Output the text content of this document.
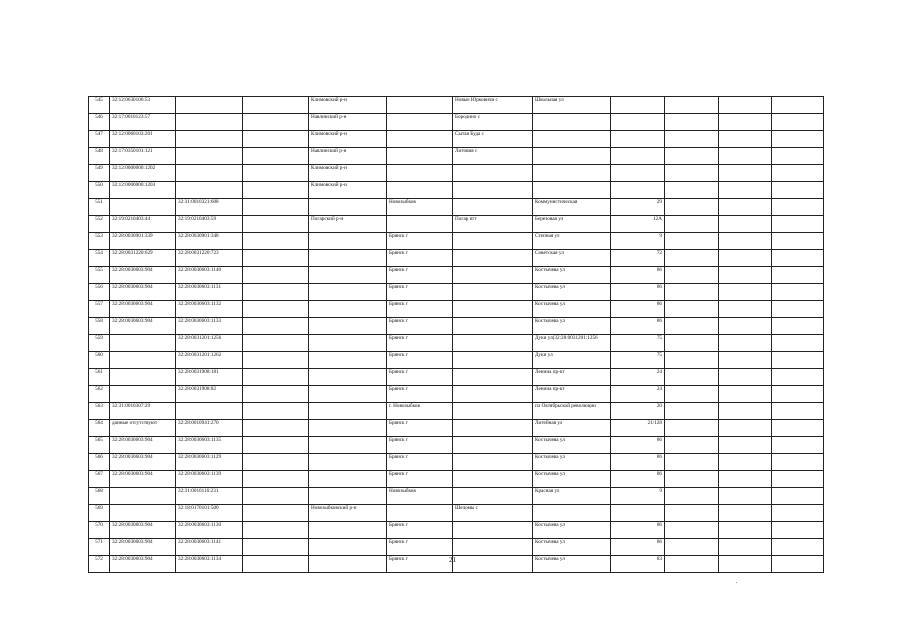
545	32:12:0630106:53			Климовский р-н		Новые Юрковичи с	Школьная ул				
546	32:17:0010123:57			Навлинский р-н		Бородино с					
547	32:12:0060103:201			Климовский р-н		Сытая Буда с					
548	32:17:0350101:121			Навлинский р-н		Литовня с					
549	32:12:0000000:1202			Климовский р-н							
550	32:12:0000000:1203			Климовский р-н							
551		32:31:0010321:608			Новозыбков		Коммунистическая	29			
552	32:19:0210403:44	32:19:0210403:59		Погарский р-н		Погар пгт	Березовая ул	12А			
553	32:28:0030901:339	32:28:0030901:348			Брянск г		Степная ул	9			
554	32:28:0031220:629	32:28:0031220:723			Брянск г		Советская ул	72			
555	32:28:0030603:904	32:28:0030603:1140			Брянск г		Костычева ул	86			
556	32:28:0030603:904	32:28:0030603:1131			Брянск г		Костычева ул	86			
557	32:28:0030603:904	32:28:0030603:1132			Брянск г		Костычева ул	86			
558	32:28:0030603:904	32:28:0030603:1133			Брянск г		Костычева ул	86			
559		32:28:0031201:1256			Брянск г		Дуки ул(32:28:0031201:1256	75			
560		32:28:0031201:1262			Брянск г		Дуки ул	75			
561		32:28:0031908:181			Брянск г		Ленина пр-кт	24			
562		32:28:0031908:82			Брянск г		Ленина пр-кт	24			
563	32:31:0010307:29				г. Новозыбков		пл Октябрьской революции	20			
564	данные отсутствуют	32:28:0010941:270			Брянск г		Литейная ул	21/128			
565	32:28:0030603:904	32:28:0030603:1135			Брянск г		Костычева ул	86			
566	32:28:0030603:904	32:28:0030603:1129			Брянск г		Костычева ул	86			
567	32:28:0030603:904	32:28:0030603:1139			Брянск г		Костычева ул	86			
568		32:31:0010116:231			Новозыбков		Красная ул	9			
569		32:18:0170101:500		Новозыбковский р-н		Шеломы с					
570	32:28:0030603:904	32:28:0030603:1130			Брянск г		Костычева ул	86			
571	32:28:0030603:904	32:28:0030603:1141			Брянск г		Костычева ул	86			
572	32:28:0030603:904	32:28:0030603:1134			Брянск г		Костычева ул	83			
21
